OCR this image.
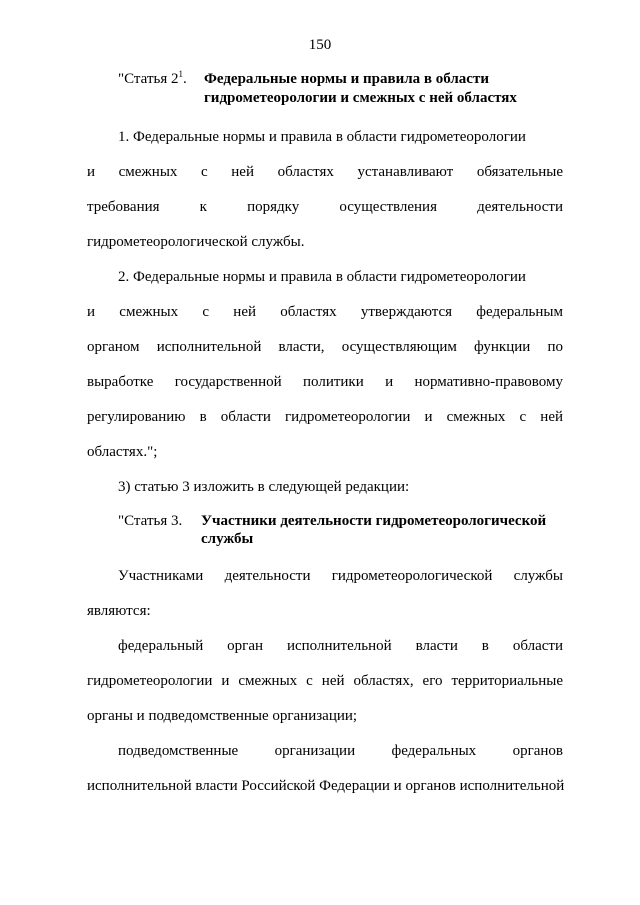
150
"Статья $2^1$. Федеральные нормы и правила в области
гидрометеорологии и смежных с ней областях
1. Федеральные нормы и правила в области гидрометеорологии
и смежных с ней областях устанавливают обязательные
требования к порядку осуществления деятельности
гидрометеорологической службы.
2. Федеральные нормы и правила в области гидрометеорологии
и смежных с ней областях утверждаются федеральным
органом исполнительной власти, осуществляющим функции по
выработке государственной политики и нормативно-правовому
регулированию в области гидрометеорологии и смежных с ней
областях.";
3) статью 3 изложить в следующей редакции:
"Статья 3. Участники деятельности гидрометеорологической
службы
Участниками деятельности гидрометеорологической службы
являются:
федеральный орган исполнительной власти в области
гидрометеорологии и смежных с ней областях, его территориальные
органы и подведомственные организации;
подведомственные организации федеральных органов
исполнительной власти Российской Федерации и органов исполнительной
